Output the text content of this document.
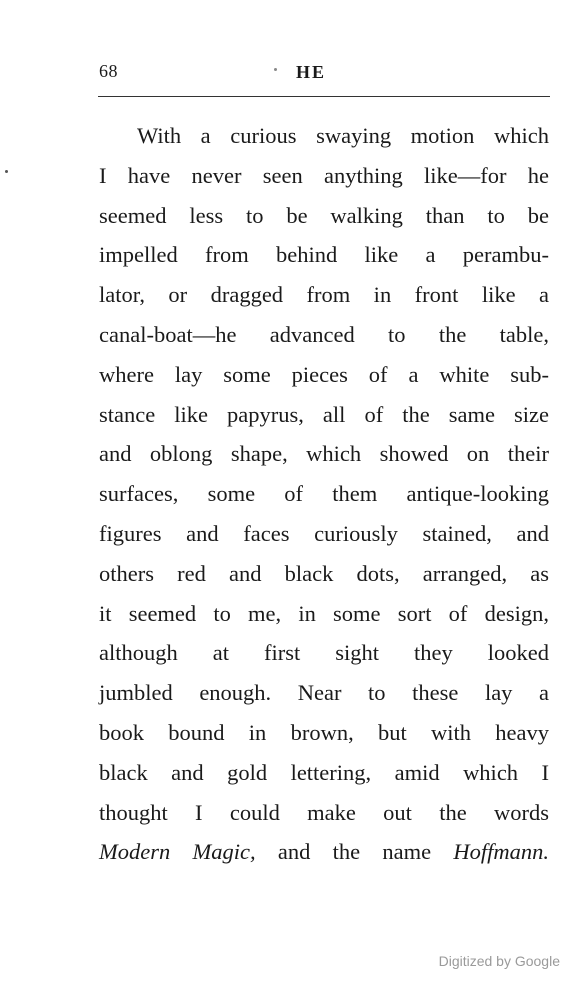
68	HE
With a curious swaying motion which
I have never seen anything like—for he
seemed less to be walking than to be
impelled from behind like a perambu-
lator, or dragged from in front like a
canal-boat—he advanced to the table,
where lay some pieces of a white sub-
stance like papyrus, all of the same size
and oblong shape, which showed on their
surfaces, some of them antique-looking
figures and faces curiously stained, and
others red and black dots, arranged, as
it seemed to me, in some sort of design,
although at first sight they looked
jumbled enough. Near to these lay a
book bound in brown, but with heavy
black and gold lettering, amid which I
thought I could make out the words
Modern Magic, and the name Hoffmann.
Digitized by Google
